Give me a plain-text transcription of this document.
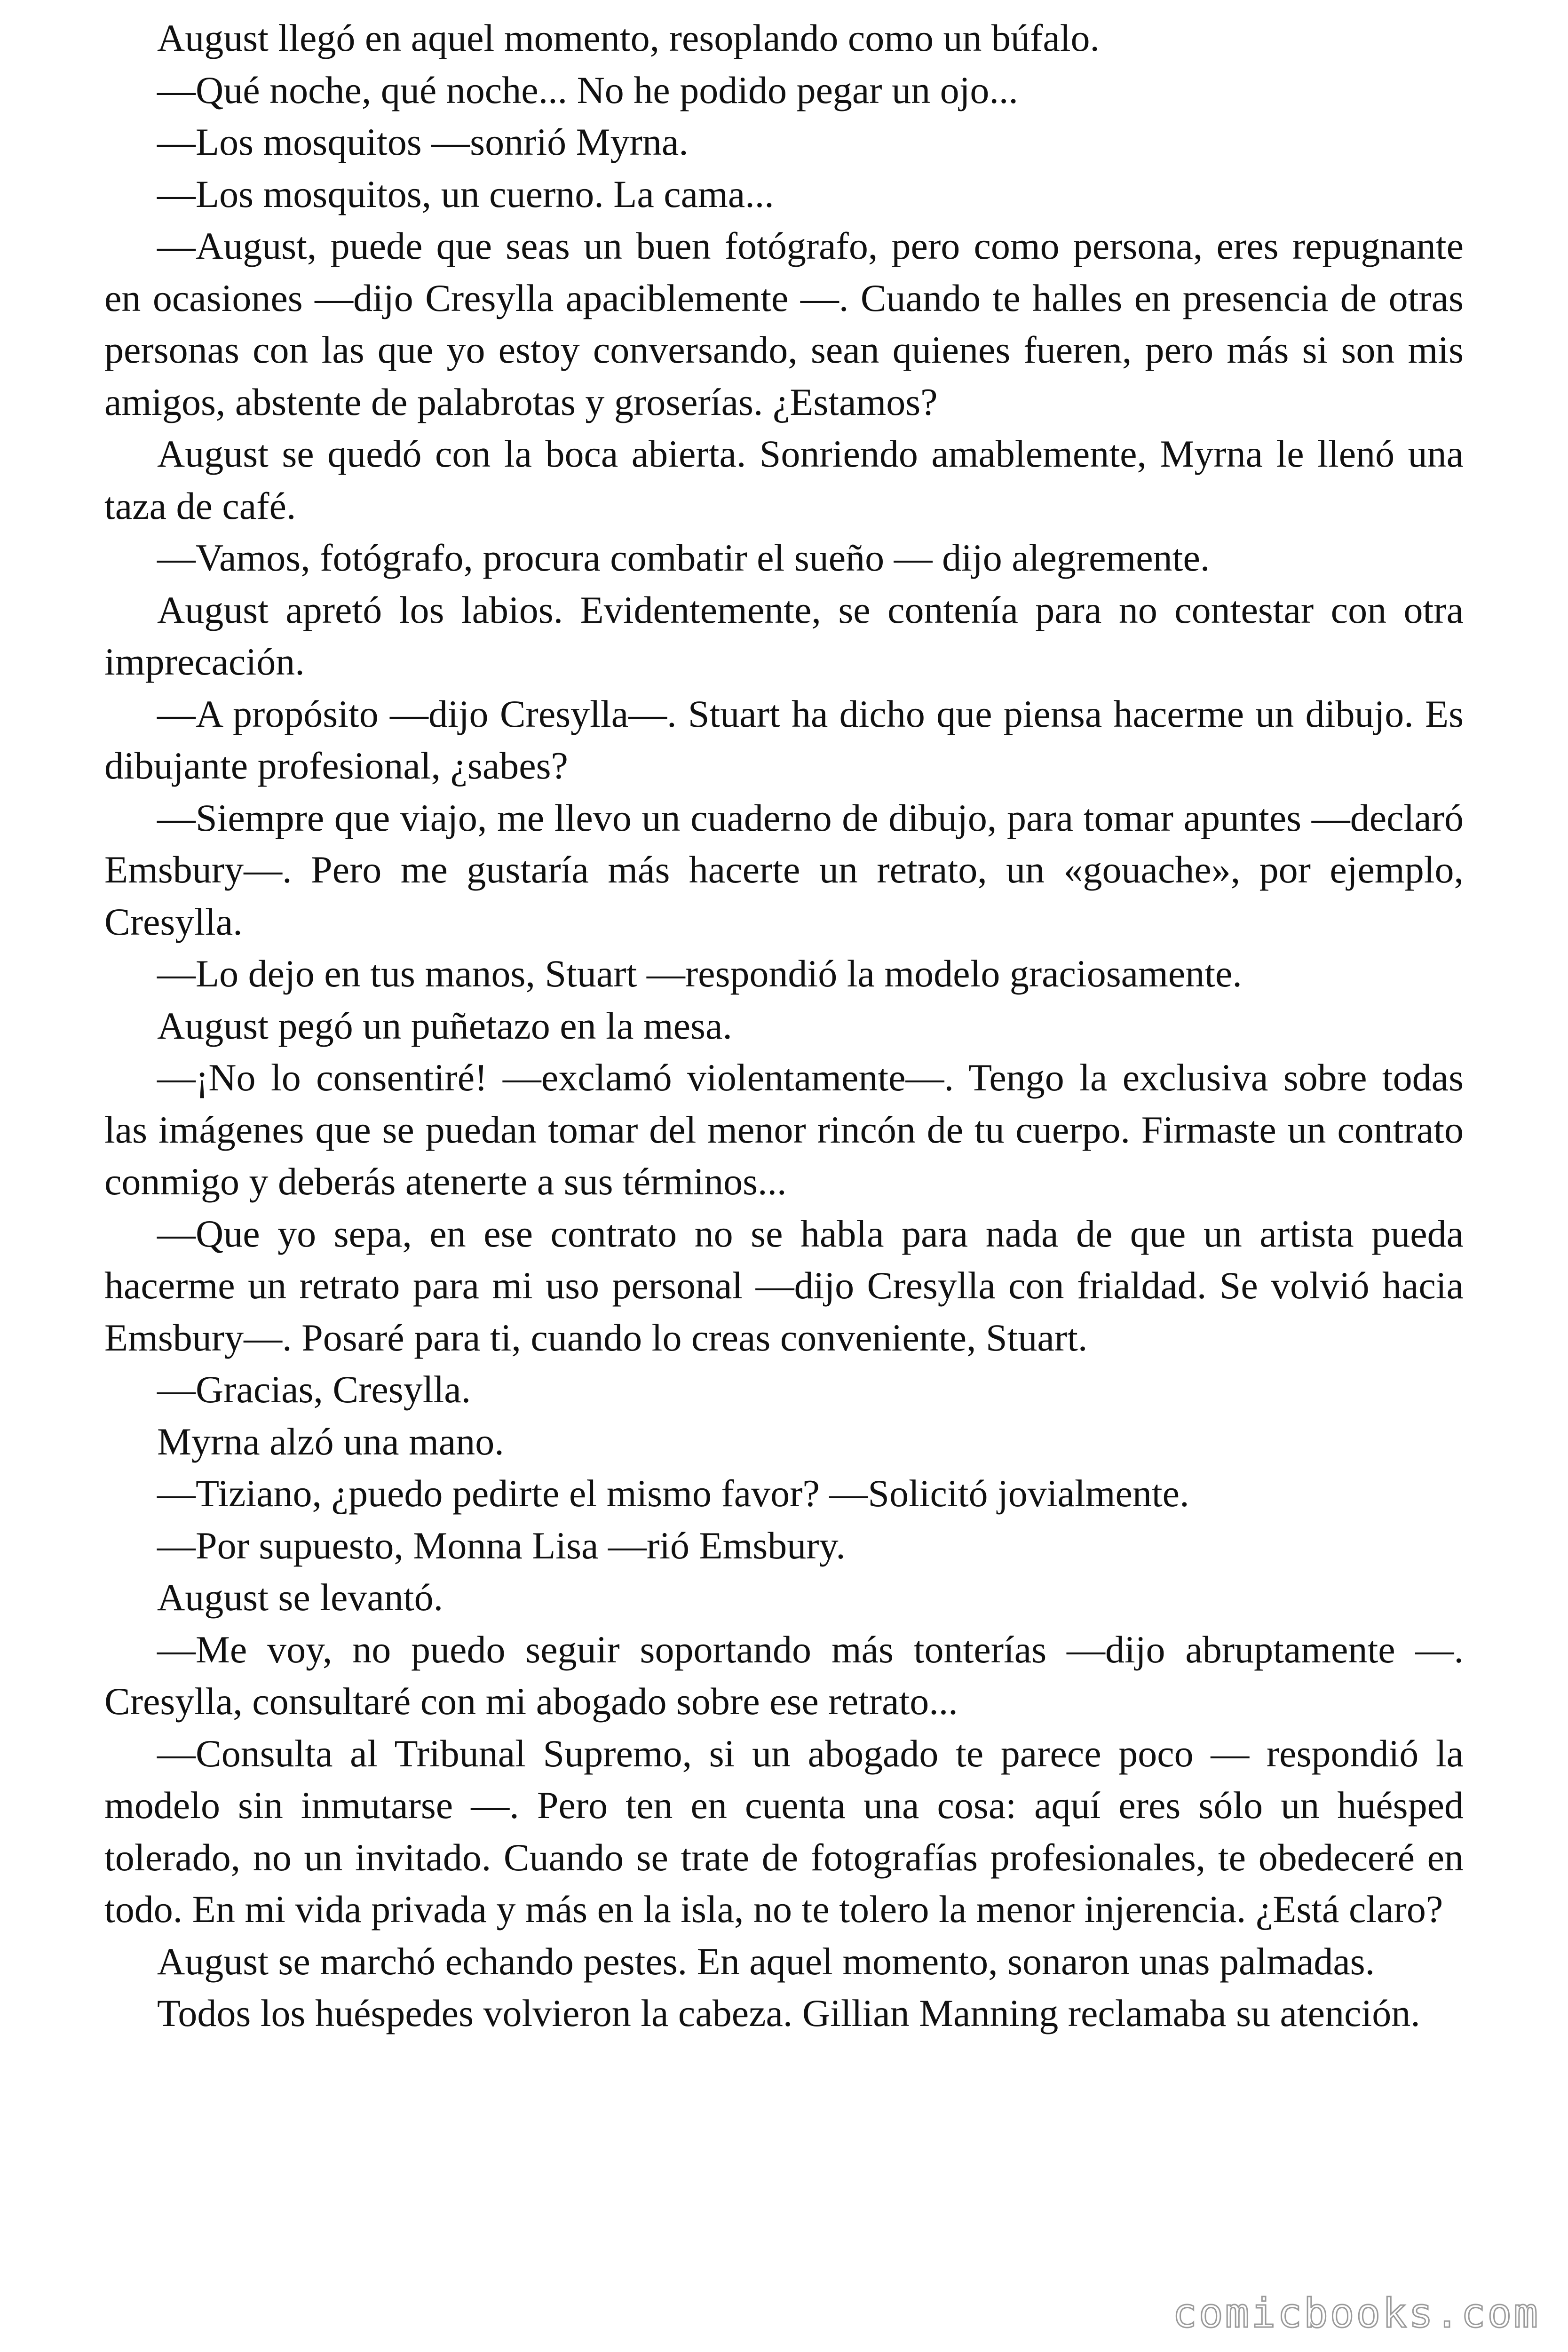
August llegó en aquel momento, resoplando como un búfalo.

—Qué noche, qué noche... No he podido pegar un ojo...

—Los mosquitos —sonrió Myrna.

—Los mosquitos, un cuerno. La cama...

—August, puede que seas un buen fotógrafo, pero como persona, eres repugnante en ocasiones —dijo Cresylla apaciblemente —. Cuando te halles en presencia de otras personas con las que yo estoy conversando, sean quienes fueren, pero más si son mis amigos, abstente de palabrotas y groserías. ¿Estamos?

August se quedó con la boca abierta. Sonriendo amablemente, Myrna le llenó una taza de café.

—Vamos, fotógrafo, procura combatir el sueño — dijo alegremente.

August apretó los labios. Evidentemente, se contenía para no contestar con otra imprecación.

—A propósito —dijo Cresylla—. Stuart ha dicho que piensa hacerme un dibujo. Es dibujante profesional, ¿sabes?

—Siempre que viajo, me llevo un cuaderno de dibujo, para tomar apuntes —declaró Emsbury—. Pero me gustaría más hacerte un retrato, un «gouache», por ejemplo, Cresylla.

—Lo dejo en tus manos, Stuart —respondió la modelo graciosamente.

August pegó un puñetazo en la mesa.

—¡No lo consentiré! —exclamó violentamente—. Tengo la exclusiva sobre todas las imágenes que se puedan tomar del menor rincón de tu cuerpo. Firmaste un contrato conmigo y deberás atenerte a sus términos...

—Que yo sepa, en ese contrato no se habla para nada de que un artista pueda hacerme un retrato para mi uso personal —dijo Cresylla con frialdad. Se volvió hacia Emsbury—. Posaré para ti, cuando lo creas conveniente, Stuart.

—Gracias, Cresylla.

Myrna alzó una mano.

—Tiziano, ¿puedo pedirte el mismo favor? —Solicitó jovialmente.

—Por supuesto, Monna Lisa —rió Emsbury.

August se levantó.

—Me voy, no puedo seguir soportando más tonterías —dijo abruptamente —. Cresylla, consultaré con mi abogado sobre ese retrato...

—Consulta al Tribunal Supremo, si un abogado te parece poco — respondió la modelo sin inmutarse —. Pero ten en cuenta una cosa: aquí eres sólo un huésped tolerado, no un invitado. Cuando se trate de fotografías profesionales, te obedeceré en todo. En mi vida privada y más en la isla, no te tolero la menor injerencia. ¿Está claro?

August se marchó echando pestes. En aquel momento, sonaron unas palmadas.

Todos los huéspedes volvieron la cabeza. Gillian Manning reclamaba su atención.

comicbooks.com
